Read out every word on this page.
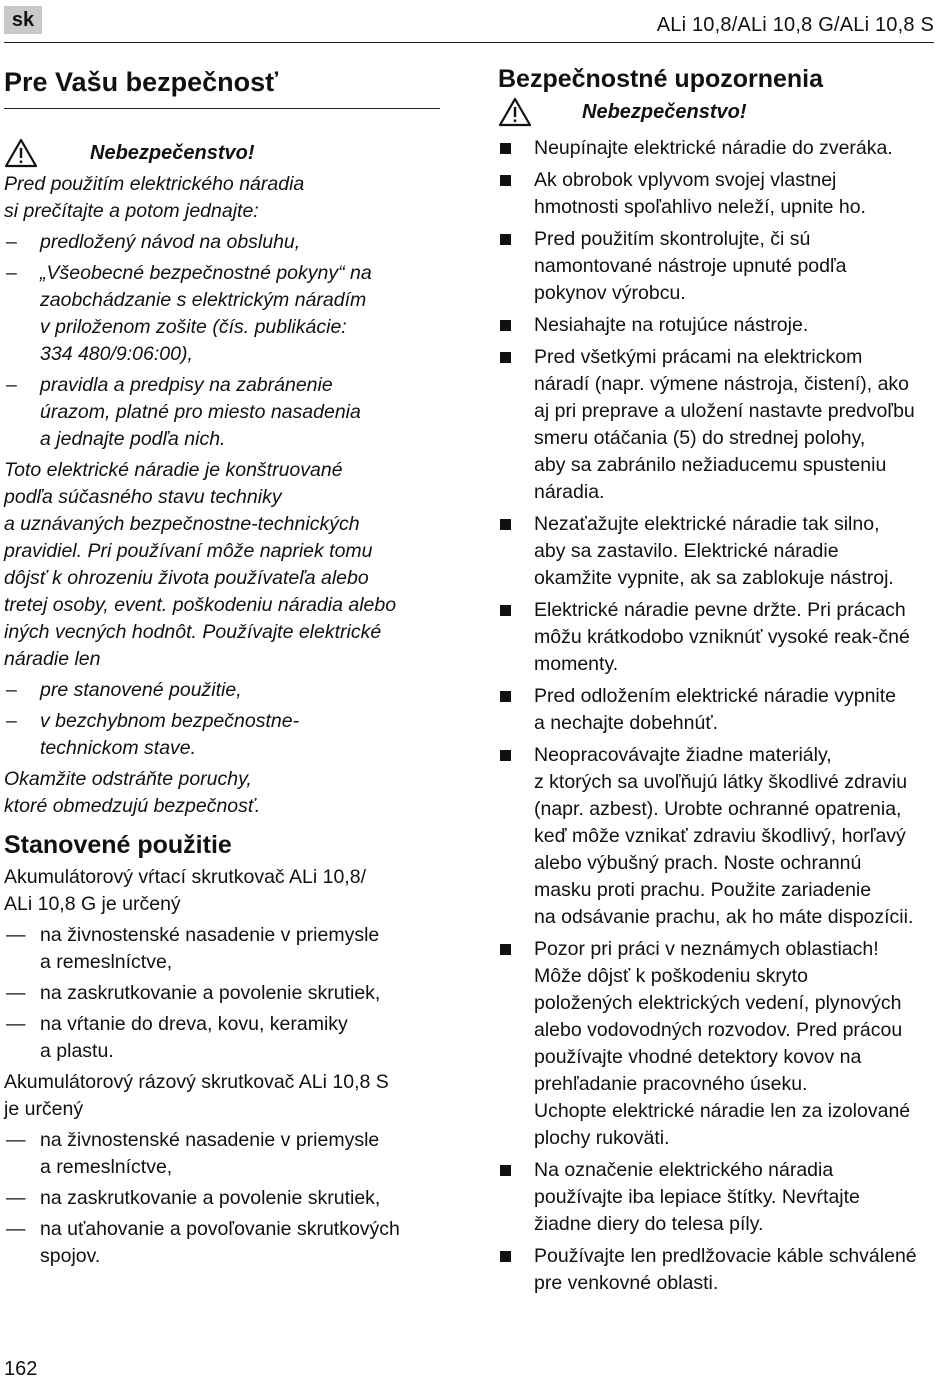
sk	ALi 10,8/ALi 10,8 G/ALi 10,8 S
Pre Vašu bezpečnosť
Nebezpečenstvo!

Pred použitím elektrického náradia
si prečítajte a potom jednajte:

– predložený návod na obsluhu,
– „Všeobecné bezpečnostné pokyny“ na
zaobchádzanie s elektrickým náradím
v priloženom zošite (čís. publikácie:
334 480/9:06:00),
– pravidla a predpisy na zabránenie
úrazom, platné pro miesto nasadenia
a jednajte podľa nich.

Toto elektrické náradie je konštruované
podľa súčasného stavu techniky
a uznávaných bezpečnostne-technických
pravidiel. Pri používaní môže napriek tomu
dôjsť k ohrozeniu života používateľa alebo
tretej osoby, event. poškodeniu náradia alebo
iných vecných hodnôt. Používajte elektrické
náradie len

– pre stanovené použitie,
– v bezchybnom bezpečnostne-
technickom stave.

Okamžite odstráňte poruchy,
ktoré obmedzujú bezpečnosť.

Stanovené použitie

Akumulátorový vŕtací skrutkovač ALi 10,8/
ALi 10,8 G je určený

— na živnostenské nasadenie v priemysle
a remeslníctve,
— na zaskrutkovanie a povolenie skrutiek,
— na vŕtanie do dreva, kovu, keramiky
a plastu.

Akumulátorový rázový skrutkovač ALi 10,8 S
je určený

— na živnostenské nasadenie v priemysle
a remeslníctve,
— na zaskrutkovanie a povolenie skrutiek,
— na uťahovanie a povoľovanie skrutkových
spojov.
Bezpečnostné upozornenia
Nebezpečenstvo!
Neupínajte elektrické náradie do zveráka.
Ak obrobok vplyvom svojej vlastnej
hmotnosti spoľahlivo neleží, upnite ho.
Pred použitím skontrolujte, či sú
namontované nástroje upnuté podľa
pokynov výrobcu.
Nesiahajte na rotujúce nástroje.
Pred všetkými prácami na elektrickom
náradí (napr. výmene nástroja, čistení), ako
aj pri preprave a uložení nastavte predvoľbu
smeru otáčania (5) do strednej polohy,
aby sa zabránilo nežiaducemu spusteniu
náradia.
Nezaťažujte elektrické náradie tak silno,
aby sa zastavilo. Elektrické náradie
okamžite vypnite, ak sa zablokuje nástroj.
Elektrické náradie pevne držte. Pri prácach
môžu krátkodobo vzniknúť vysoké reak-čné
momenty.
Pred odložením elektrické náradie vypnite
a nechajte dobehnúť.
Neopracovávajte žiadne materiály,
z ktorých sa uvoľňujú látky škodlivé zdraviu
(napr. azbest). Urobte ochranné opatrenia,
keď môže vznikať zdraviu škodlivý, horľavý
alebo výbušný prach. Noste ochrannú
masku proti prachu. Použite zariadenie
na odsávanie prachu, ak ho máte dispozícii.
Pozor pri práci v neznámych oblastiach!
Môže dôjsť k poškodeniu skryto
položených elektrických vedení, plynových
alebo vodovodných rozvodov. Pred prácou
používajte vhodné detektory kovov na
prehľadanie pracovného úseku.
Uchopte elektrické náradie len za izolované
plochy rukoväti.
Na označenie elektrického náradia
používajte iba lepiace štítky. Nevŕtajte
žiadne diery do telesa píly.
Používajte len predlžovacie káble schválené
pre venkovné oblasti.
162
